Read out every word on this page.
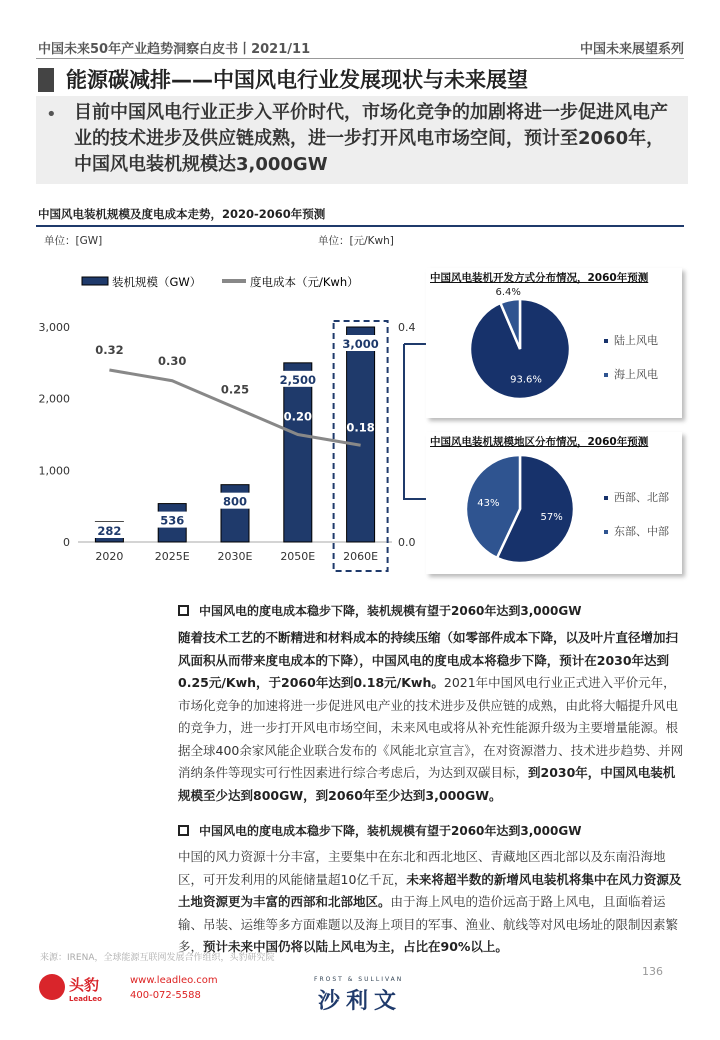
中国未来50年产业趋势洞察白皮书丨2021/11	中国未来展望系列
能源碳减排——中国风电行业发展现状与未来展望
• 目前中国风电行业正步入平价时代，市场化竞争的加剧将进一步促进风电产业的技术进步及供应链成熟，进一步打开风电市场空间，预计至2060年，中国风电装机规模达3,000GW
中国风电装机规模及度电成本走势，2020-2060年预测
单位：[GW]	单位：[元/Kwh]
装机规模（GW）	度电成本（元/Kwh）
0
1,000
2,000
3,000
0.0
0.4
2020	2025E	2030E	2050E	2060E
282
536
800
2,500
3,000
0.32
0.30
0.25
0.20
0.18
中国风电装机开发方式分布情况，2060年预测
93.6%
陆上风电
6.4%
海上风电
中国风电装机规模地区分布情况，2060年预测
57%
西部、北部
43%
东部、中部
中国风电的度电成本稳步下降，装机规模有望于2060年达到3,000GW
随着技术工艺的不断精进和材料成本的持续压缩（如零部件成本下降，以及叶片直径增加扫风面积从而带来度电成本的下降），中国风电的度电成本将稳步下降，预计在2030年达到0.25元/Kwh，于2060年达到0.18元/Kwh。2021年中国风电行业正式进入平价元年，市场化竞争的加速将进一步促进风电产业的技术进步及供应链的成熟，由此将大幅提升风电的竞争力，进一步打开风电市场空间，未来风电或将从补充性能源升级为主要增量能源。根据全球400余家风能企业联合发布的《风能北京宣言》，在对资源潜力、技术进步趋势、并网消纳条件等现实可行性因素进行综合考虑后，为达到双碳目标，到2030年，中国风电装机规模至少达到800GW，到2060年至少达到3,000GW。
中国风电的度电成本稳步下降，装机规模有望于2060年达到3,000GW
中国的风力资源十分丰富，主要集中在东北和西北地区、青藏地区西北部以及东南沿海地区，可开发利用的风能储量超10亿千瓦，未来将超半数的新增风电装机将集中在风力资源及土地资源更为丰富的西部和北部地区。由于海上风电的造价远高于路上风电，且面临着运输、吊装、运维等多方面难题以及海上项目的军事、渔业、航线等对风电场址的限制因素繁多，预计未来中国仍将以陆上风电为主，占比在90%以上。
来源：IRENA，全球能源互联网发展合作组织，头豹研究院
136
头豹
LeadLeo
www.leadleo.com
400-072-5588
FROST & SULLIVAN
沙利文
